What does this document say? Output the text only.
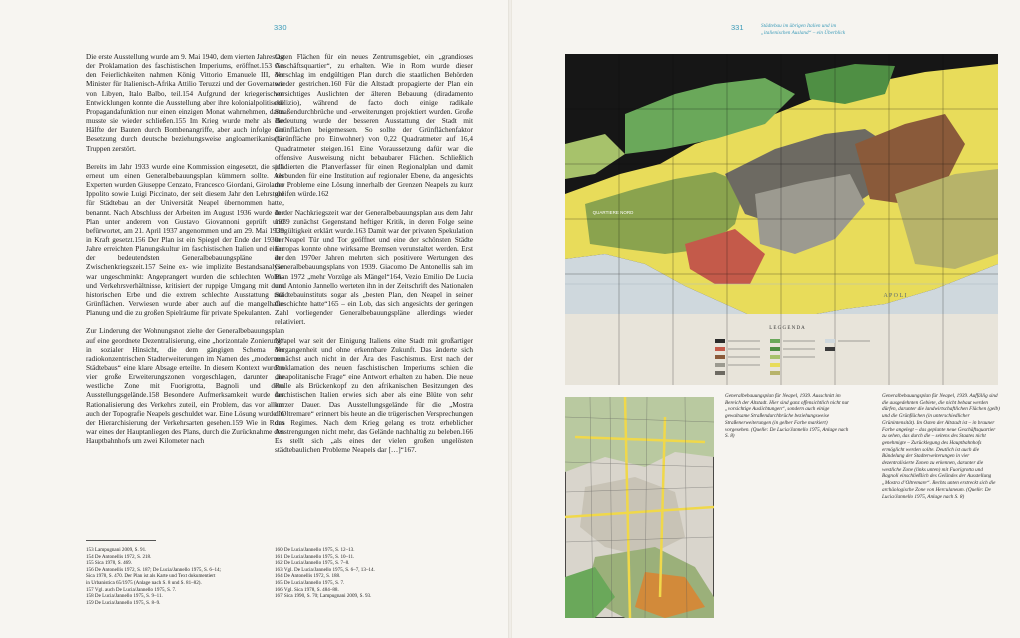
330	331	Städtebau im übrigen Italien und im
„italienischen Ausland“ – ein Überblick

Die erste Ausstellung wurde am 9. Mai 1940, dem vierten Jahrestag der Proklamation des faschistischen Imperiums, eröffnet.153 An den Feierlichkeiten nahmen König Vittorio Emanuele III, der Minister für Italienisch-Afrika Attilio Teruzzi und der Governatore von Libyen, Italo Balbo, teil.154 Aufgrund der kriegerischen Entwicklungen konnte die Ausstellung aber ihre kolonialpolitische Propagandafunktion nur einen einzigen Monat wahrnehmen, dann musste sie wieder schließen.155 Im Krieg wurde mehr als die Hälfte der Bauten durch Bombenangriffe, aber auch infolge der Besetzung durch deutsche beziehungsweise angloamerikanische Truppen zerstört.

Bereits im Jahr 1933 wurde eine Kommission eingesetzt, die sich erneut um einen Generalbebauungsplan kümmern sollte. Als Experten wurden Giuseppe Cenzato, Francesco Giordani, Girolamo Ippolito sowie Luigi Piccinato, der seit diesem Jahr den Lehrstuhl für Städtebau an der Universität Neapel übernommen hatte, benannt. Nach Abschluss der Arbeiten im August 1936 wurde der Plan unter anderem von Gustavo Giovannoni geprüft und befürwortet, am 21. April 1937 angenommen und am 29. Mai 1939 in Kraft gesetzt.156 Der Plan ist ein Spiegel der Ende der 1930er Jahre erreichten Planungskultur im faschistischen Italien und einer der bedeutendsten Generalbebauungspläne der Zwischenkriegszeit.157 Seine ex- wie implizite Bestandsanalyse war ungeschminkt: Angeprangert wurden die schlechten Wohn- und Verkehrsverhältnisse, kritisiert der ruppige Umgang mit dem historischen Erbe und die extrem schlechte Ausstattung mit Grünflächen. Verwiesen wurde aber auch auf die mangelhafte Planung und die zu großen Spielräume für private Spekulanten.

Zur Linderung der Wohnungsnot zielte der Generalbebauungsplan auf eine geordnete Dezentralisierung, eine „horizontale Zonierung“ in sozialer Hinsicht, die dem gängigen Schema der radiokonzentrischen Stadterweiterungen im Namen des „modernen Städtebaus“ eine klare Absage erteilte. In diesem Kontext wurden vier große Erweiterungszonen vorgeschlagen, darunter die westliche Zone mit Fuorigrotta, Bagnoli und dem Ausstellungsgelände.158 Besondere Aufmerksamkeit wurde der Rationalisierung des Verkehrs zuteil, ein Problem, das vor allem auch der Topografie Neapels geschuldet war. Eine Lösung wurde in der Hierarchisierung der Verkehrsarten gesehen.159 Wie in Rom war eines der Hauptanliegen des Plans, durch die Zurücknahme des Hauptbahnhofs um zwei Kilometer nach

Osten Flächen für ein neues Zentrumsgebiet, ein „grandioses Geschäftsquartier“, zu erhalten. Wie in Rom wurde dieser Vorschlag im endgültigen Plan durch die staatlichen Behörden wieder gestrichen.160 Für die Altstadt propagierte der Plan ein vorsichtiges Auslichten der älteren Bebauung (diradamento edilizio), während de facto doch einige radikale Straßendurchbrüche und -erweiterungen projektiert wurden. Große Bedeutung wurde der besseren Ausstattung der Stadt mit Grünflächen beigemessen. So sollte der Grünflächenfaktor (Grünfläche pro Einwohner) von 0,22 Quadratmeter auf 16,4 Quadratmeter steigen.161 Eine Voraussetzung dafür war die offensive Ausweisung nicht bebaubarer Flächen. Schließlich plädierten die Planverfasser für einen Regionalplan und damit verbunden für eine Institution auf regionaler Ebene, da angesichts der Probleme eine Lösung innerhalb der Grenzen Neapels zu kurz greifen würde.162

In der Nachkriegszeit war der Generalbebauungsplan aus dem Jahr 1939 zunächst Gegenstand heftiger Kritik, in deren Folge seine Ungültigkeit erklärt wurde.163 Damit war der privaten Spekulation in Neapel Tür und Tor geöffnet und eine der schönsten Städte Europas konnte ohne wirksame Bremsen verunstaltet werden. Erst in den 1970er Jahren mehrten sich positivere Wertungen des Generalbebauungsplans von 1939. Giacomo De Antonellis sah im Plan 1972 „mehr Vorzüge als Mängel“164, Vezio Emilio De Lucia und Antonio Jannello werteten ihn in der Zeitschrift des Nationalen Städtebauinstituts sogar als „besten Plan, den Neapel in seiner Geschichte hatte“165 – ein Lob, das sich angesichts der geringen Zahl vorliegender Generalbebauungspläne allerdings wieder relativiert.

Neapel war seit der Einigung Italiens eine Stadt mit großartiger Vergangenheit und ohne erkennbare Zukunft. Das änderte sich zunächst auch nicht in der Ära des Faschismus. Erst nach der Proklamation des neuen faschistischen Imperiums schien die „neapolitanische Frage“ eine Antwort erhalten zu haben. Die neue Rolle als Brückenkopf zu den afrikanischen Besitzungen des faschistischen Italien erwies sich aber als eine Blüte von sehr kurzer Dauer. Das Ausstellungsgelände für die „Mostra d’Oltremare“ erinnert bis heute an die trügerischen Versprechungen des Regimes. Nach dem Krieg gelang es trotz erheblicher Anstrengungen nicht mehr, das Gelände nachhaltig zu beleben.166 Es stellt sich „als eines der vielen großen ungelösten städtebaulichen Probleme Neapels dar […]“167.

153 Lampugnani 2009, S. 91.
154 De Antonellis 1972, S. 218.
155 Sica 1978, S. 469.
156 De Antonellis 1972, S. 187; De Lucia/Jannello 1975, S. 6–14;
Sica 1978, S. 470. Der Plan ist als Karte und Text dokumentiert
in Urbanistica 65/1975 (Anlage nach S. 8 und S. 81–82).
157 Vgl. auch De Lucia/Jannello 1975, S. 7.
158 De Lucia/Jannello 1975, S. 9–11.
159 De Lucia/Jannello 1975, S. 8–9.
160 De Lucia/Jannello 1975, S. 12–13.
161 De Lucia/Jannello 1975, S. 10–11.
162 De Lucia/Jannello 1975, S. 7–8.
163 Vgl. De Lucia/Jannello 1975, S. 6–7, 13–14.
164 De Antonellis 1972, S. 188.
165 De Lucia/Jannello 1975, S. 7.
166 Vgl. Sica 1978, S. 484–88.
167 Sica 1990, S. 70; Lampugnani 2009, S. 93.
L E G G E N D A
A P O L I
QUARTIERE NORD
Generalbebauungsplan für Neapel, 1939. Ausschnitt im Bereich der Altstadt. Hier sind ganz offensichtlich nicht nur „vorsichtige Auslichtungen“, sondern auch einige gewaltsame Straßendurchbrüche beziehungsweise Straßenerweiterungen (in gelber Farbe markiert) vorgesehen. (Quelle: De Lucia/Jannello 1975, Anlage nach S. 8)
Generalbebauungsplan für Neapel, 1939. Auffällig sind die ausgedehnten Gebiete, die nicht bebaut werden dürfen, darunter die landwirtschaftlichen Flächen (gelb) und die Grünflächen (in unterschiedlicher Grünintensität). Im Osten der Altstadt ist – in brauner Farbe angelegt – das geplante neue Geschäftsquartier zu sehen, das durch die – seitens des Staates nicht genehmigte – Zurücklegung des Hauptbahnhofs ermöglicht werden sollte. Deutlich ist auch die Bündelung der Stadterweiterungen in vier dezentralisierte Zonen zu erkennen, darunter die westliche Zone (links unten) mit Fuorigrotta und Bagnoli einschließlich des Geländes der Ausstellung „Mostra d’Oltremare“. Rechts unten erstreckt sich die archäologische Zone von Herculaneum. (Quelle: De Lucia/Jannello 1975, Anlage nach S. 8)
